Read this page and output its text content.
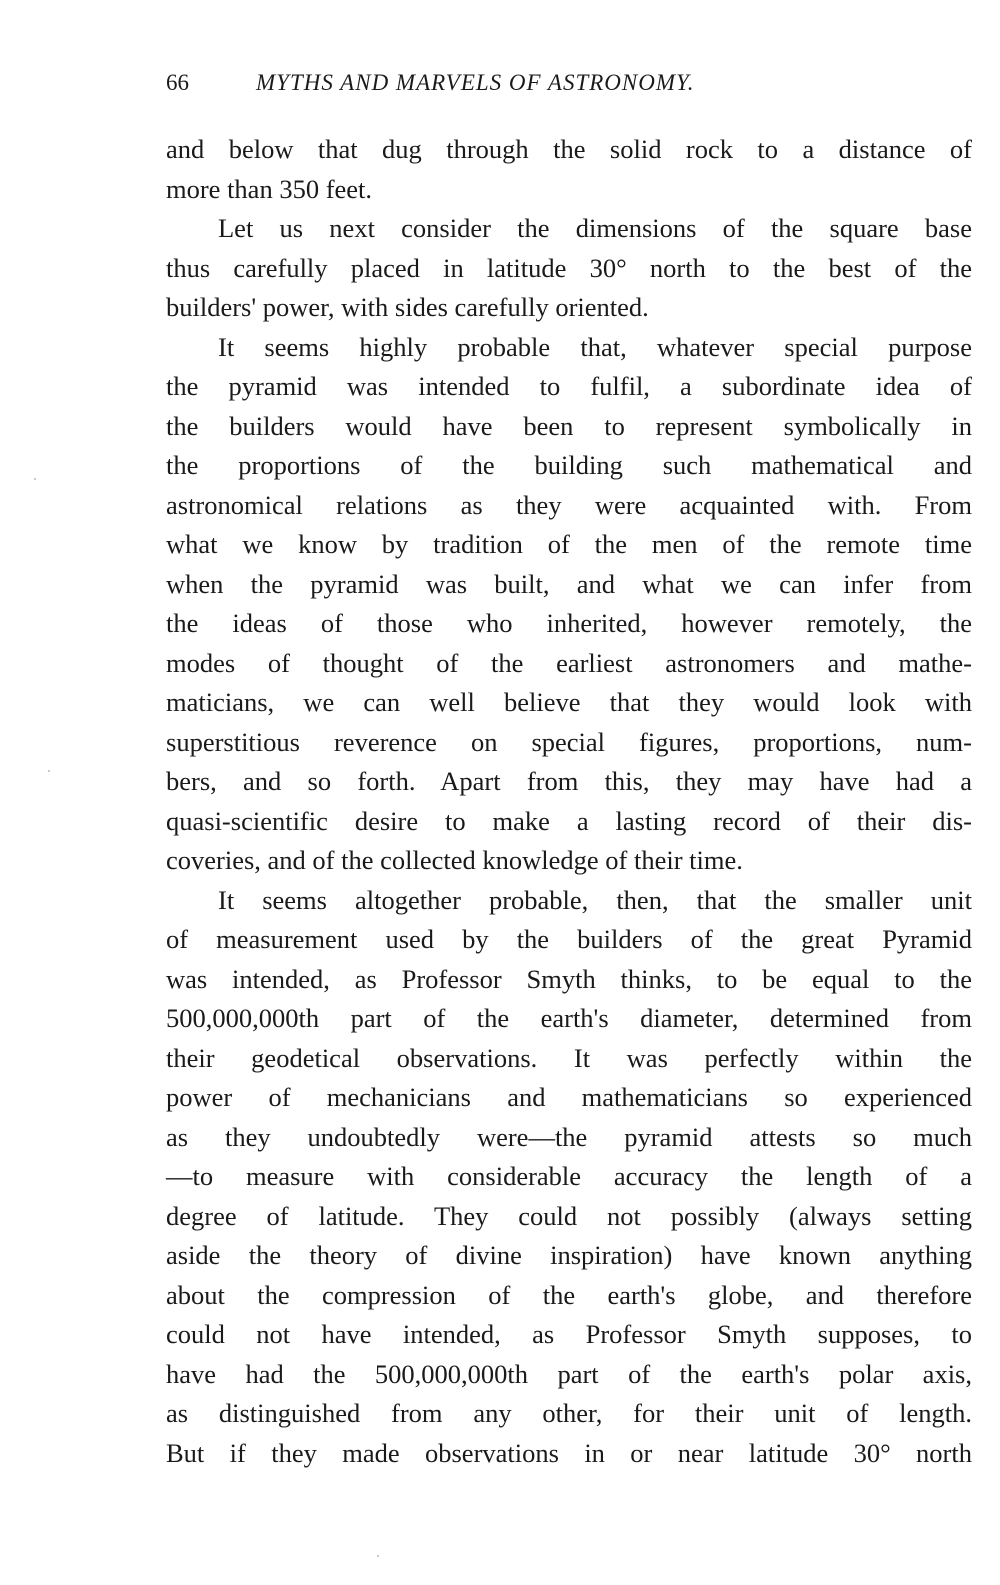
66	MYTHS AND MARVELS OF ASTRONOMY.
and below that dug through the solid rock to a distance of
more than 350 feet.
Let us next consider the dimensions of the square base
thus carefully placed in latitude 30° north to the best of the
builders' power, with sides carefully oriented.
It seems highly probable that, whatever special purpose
the pyramid was intended to fulfil, a subordinate idea of
the builders would have been to represent symbolically in
the proportions of the building such mathematical and
astronomical relations as they were acquainted with. From
what we know by tradition of the men of the remote time
when the pyramid was built, and what we can infer from
the ideas of those who inherited, however remotely, the
modes of thought of the earliest astronomers and mathe-
maticians, we can well believe that they would look with
superstitious reverence on special figures, proportions, num-
bers, and so forth. Apart from this, they may have had a
quasi-scientific desire to make a lasting record of their dis-
coveries, and of the collected knowledge of their time.
It seems altogether probable, then, that the smaller unit
of measurement used by the builders of the great Pyramid
was intended, as Professor Smyth thinks, to be equal to the
500,000,000th part of the earth's diameter, determined from
their geodetical observations. It was perfectly within the
power of mechanicians and mathematicians so experienced
as they undoubtedly were—the pyramid attests so much
—to measure with considerable accuracy the length of a
degree of latitude. They could not possibly (always setting
aside the theory of divine inspiration) have known anything
about the compression of the earth's globe, and therefore
could not have intended, as Professor Smyth supposes, to
have had the 500,000,000th part of the earth's polar axis,
as distinguished from any other, for their unit of length.
But if they made observations in or near latitude 30° north
